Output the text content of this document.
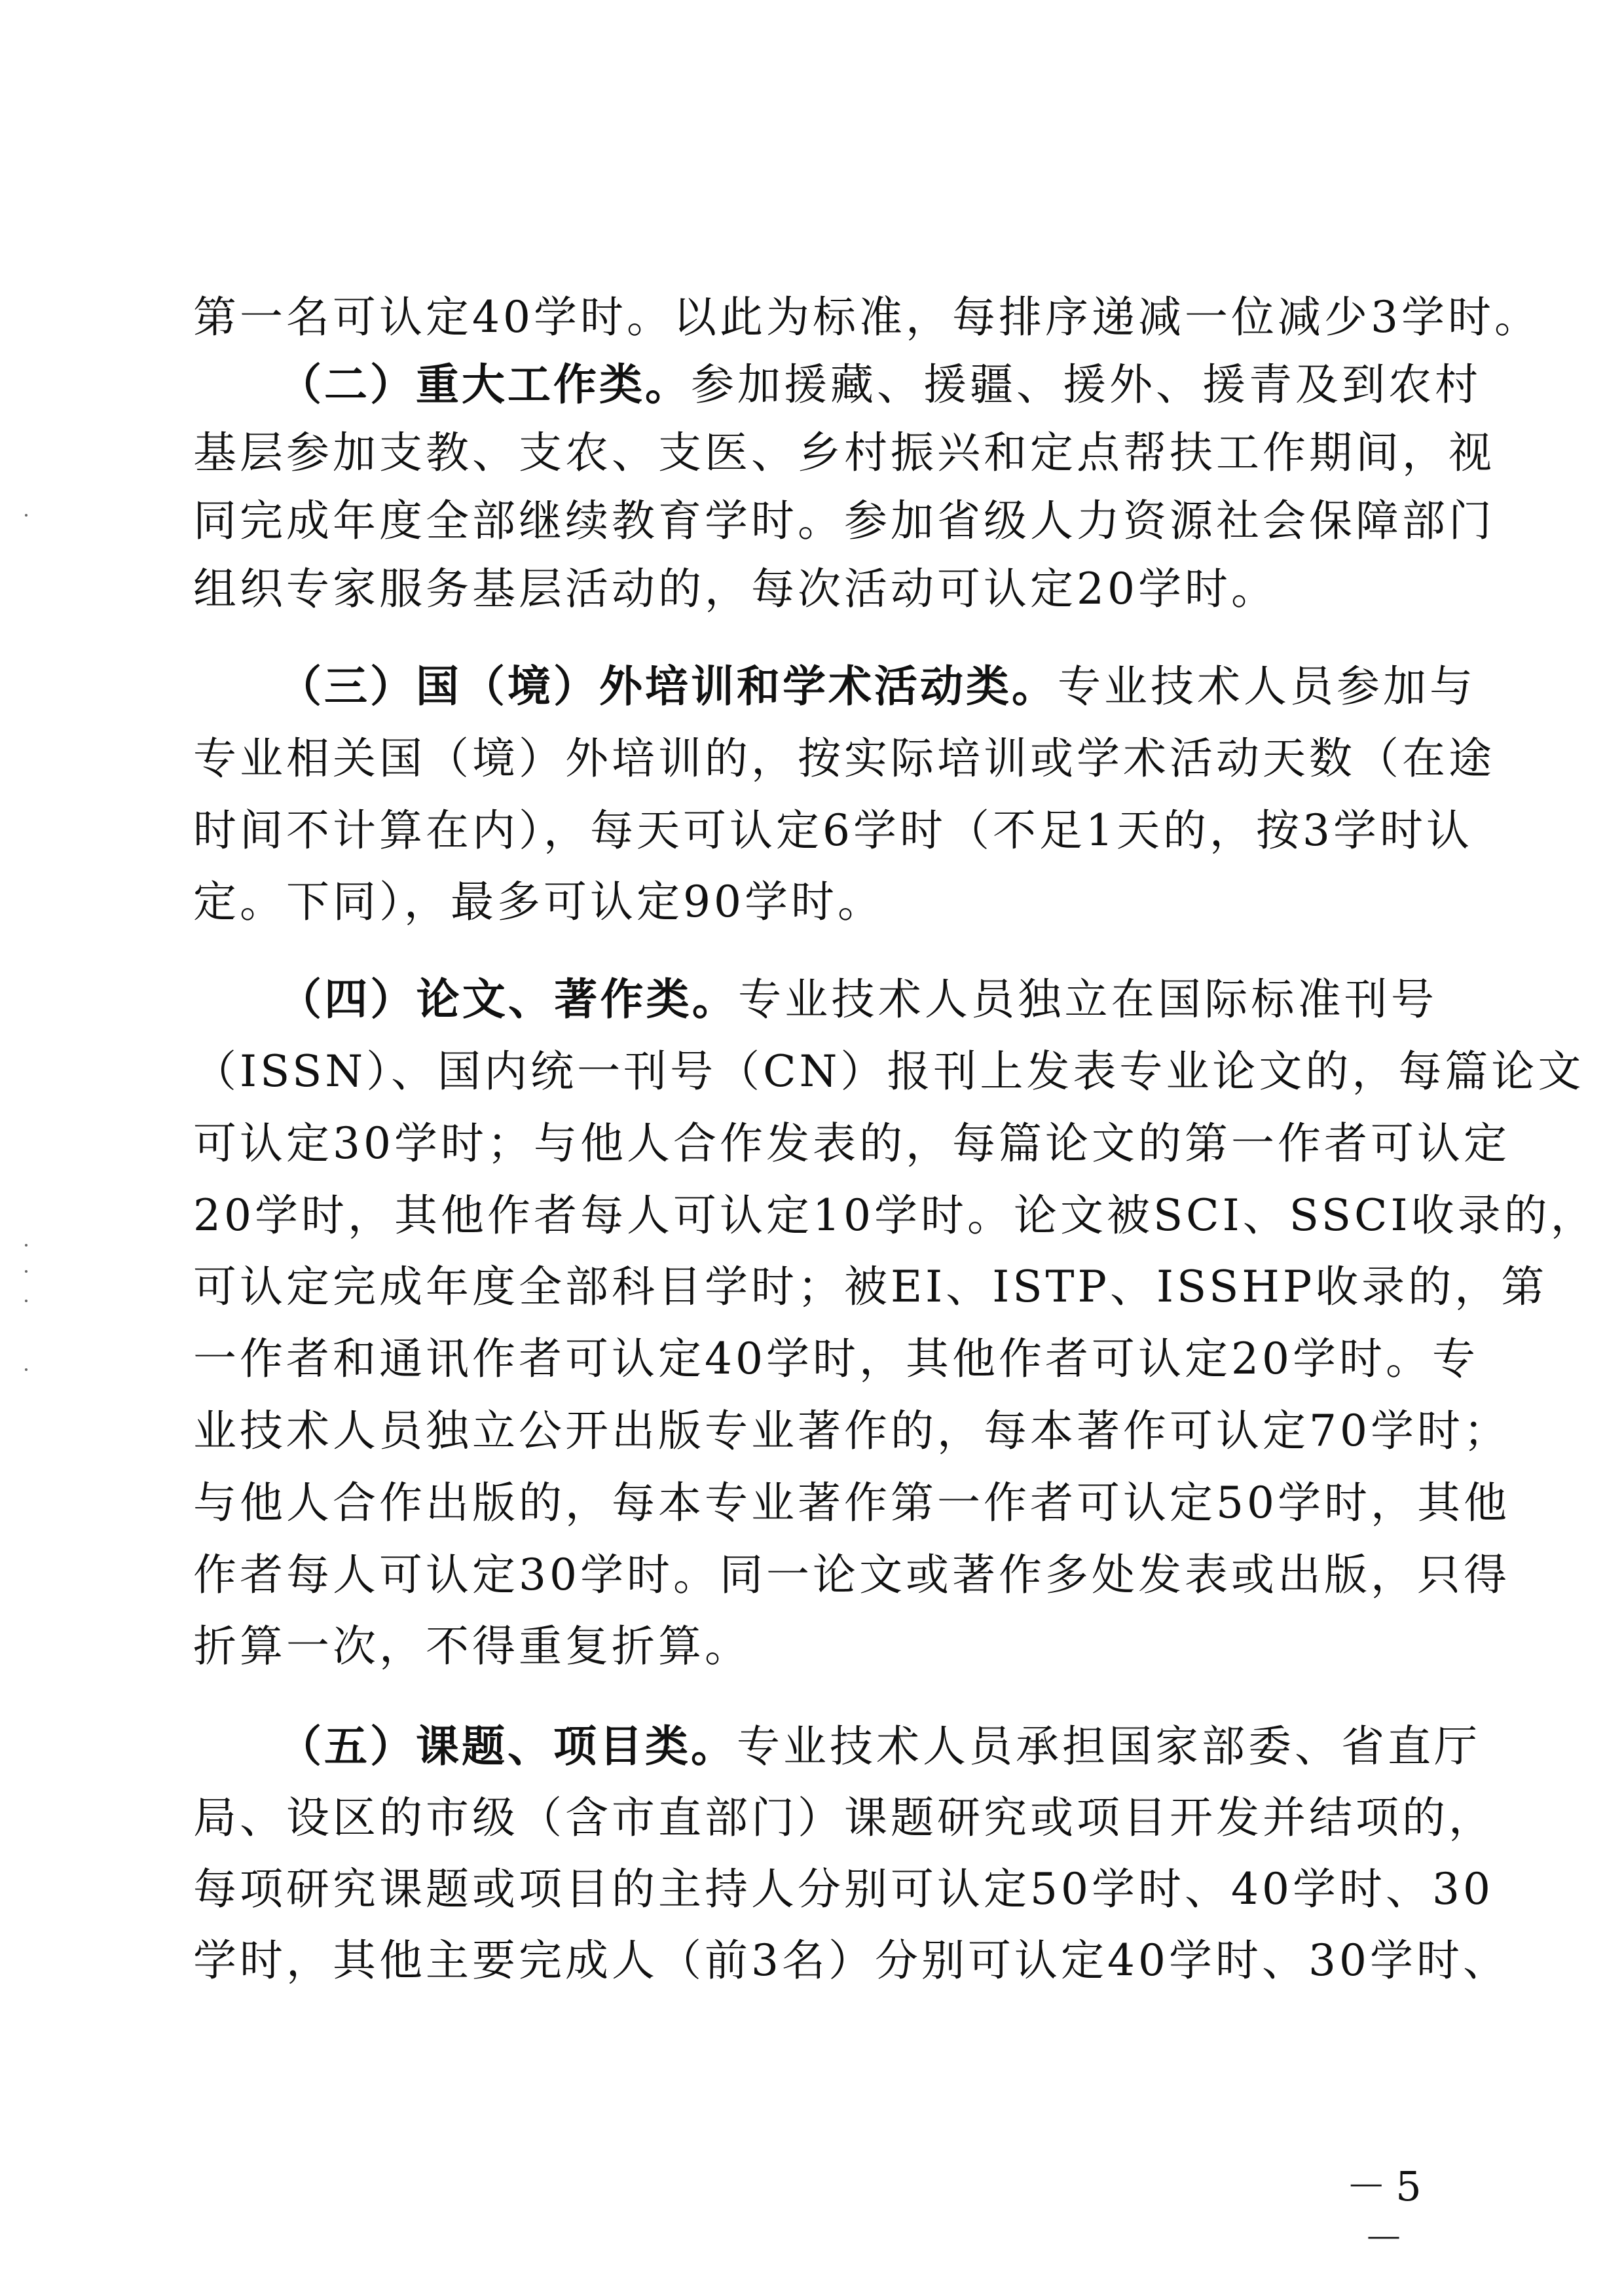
第一名可认定40学时。以此为标准，每排序递减一位减少3学时。
（二）重大工作类。参加援藏、援疆、援外、援青及到农村
基层参加支教、支农、支医、乡村振兴和定点帮扶工作期间，视
同完成年度全部继续教育学时。参加省级人力资源社会保障部门
组织专家服务基层活动的，每次活动可认定20学时。
（三）国（境）外培训和学术活动类。专业技术人员参加与
专业相关国（境）外培训的，按实际培训或学术活动天数（在途
时间不计算在内），每天可认定6学时（不足1天的，按3学时认
定。下同），最多可认定90学时。
（四）论文、著作类。专业技术人员独立在国际标准刊号
（ISSN）、国内统一刊号（CN）报刊上发表专业论文的，每篇论文
可认定30学时；与他人合作发表的，每篇论文的第一作者可认定
20学时，其他作者每人可认定10学时。论文被SCI、SSCI收录的，
可认定完成年度全部科目学时；被EI、ISTP、ISSHP收录的，第
一作者和通讯作者可认定40学时，其他作者可认定20学时。专
业技术人员独立公开出版专业著作的，每本著作可认定70学时；
与他人合作出版的，每本专业著作第一作者可认定50学时，其他
作者每人可认定30学时。同一论文或著作多处发表或出版，只得
折算一次，不得重复折算。
（五）课题、项目类。专业技术人员承担国家部委、省直厅
局、设区的市级（含市直部门）课题研究或项目开发并结项的，
每项研究课题或项目的主持人分别可认定50学时、40学时、30
学时，其他主要完成人（前3名）分别可认定40学时、30学时、
－5－
